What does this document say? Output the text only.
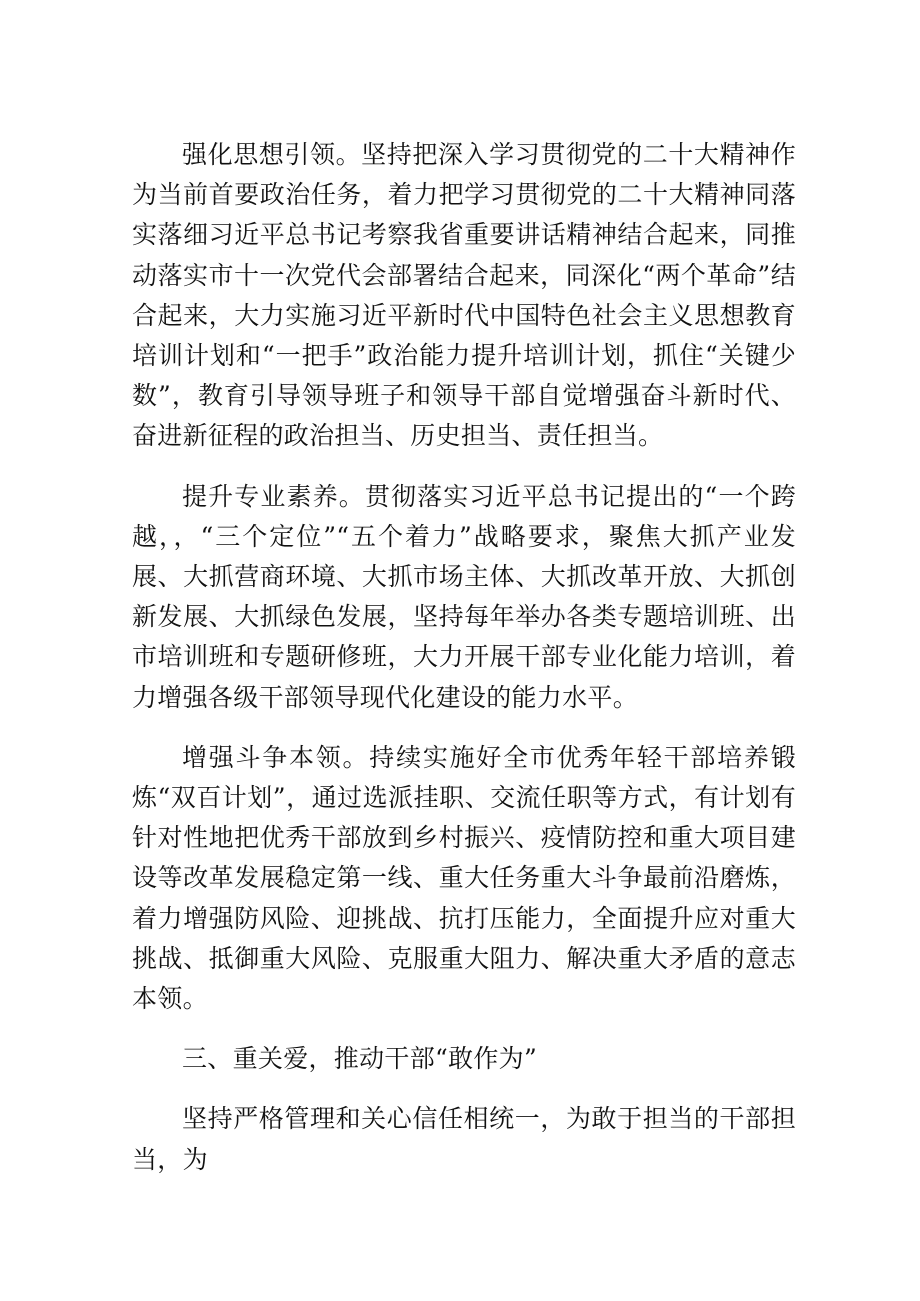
强化思想引领。坚持把深入学习贯彻党的二十大精神作为当前首要政治任务，着力把学习贯彻党的二十大精神同落实落细习近平总书记考察我省重要讲话精神结合起来，同推动落实市十一次党代会部署结合起来，同深化“两个革命”结合起来，大力实施习近平新时代中国特色社会主义思想教育培训计划和“一把手”政治能力提升培训计划，抓住“关键少数”，教育引导领导班子和领导干部自觉增强奋斗新时代、奋进新征程的政治担当、历史担当、责任担当。

提升专业素养。贯彻落实习近平总书记提出的“一个跨越，，“三个定位”“五个着力”战略要求，聚焦大抓产业发展、大抓营商环境、大抓市场主体、大抓改革开放、大抓创新发展、大抓绿色发展，坚持每年举办各类专题培训班、出市培训班和专题研修班，大力开展干部专业化能力培训，着力增强各级干部领导现代化建设的能力水平。

增强斗争本领。持续实施好全市优秀年轻干部培养锻炼“双百计划”，通过选派挂职、交流任职等方式，有计划有针对性地把优秀干部放到乡村振兴、疫情防控和重大项目建设等改革发展稳定第一线、重大任务重大斗争最前沿磨炼，着力增强防风险、迎挑战、抗打压能力，全面提升应对重大挑战、抵御重大风险、克服重大阻力、解决重大矛盾的意志本领。

三、重关爱，推动干部“敢作为”

坚持严格管理和关心信任相统一，为敢于担当的干部担当，为
